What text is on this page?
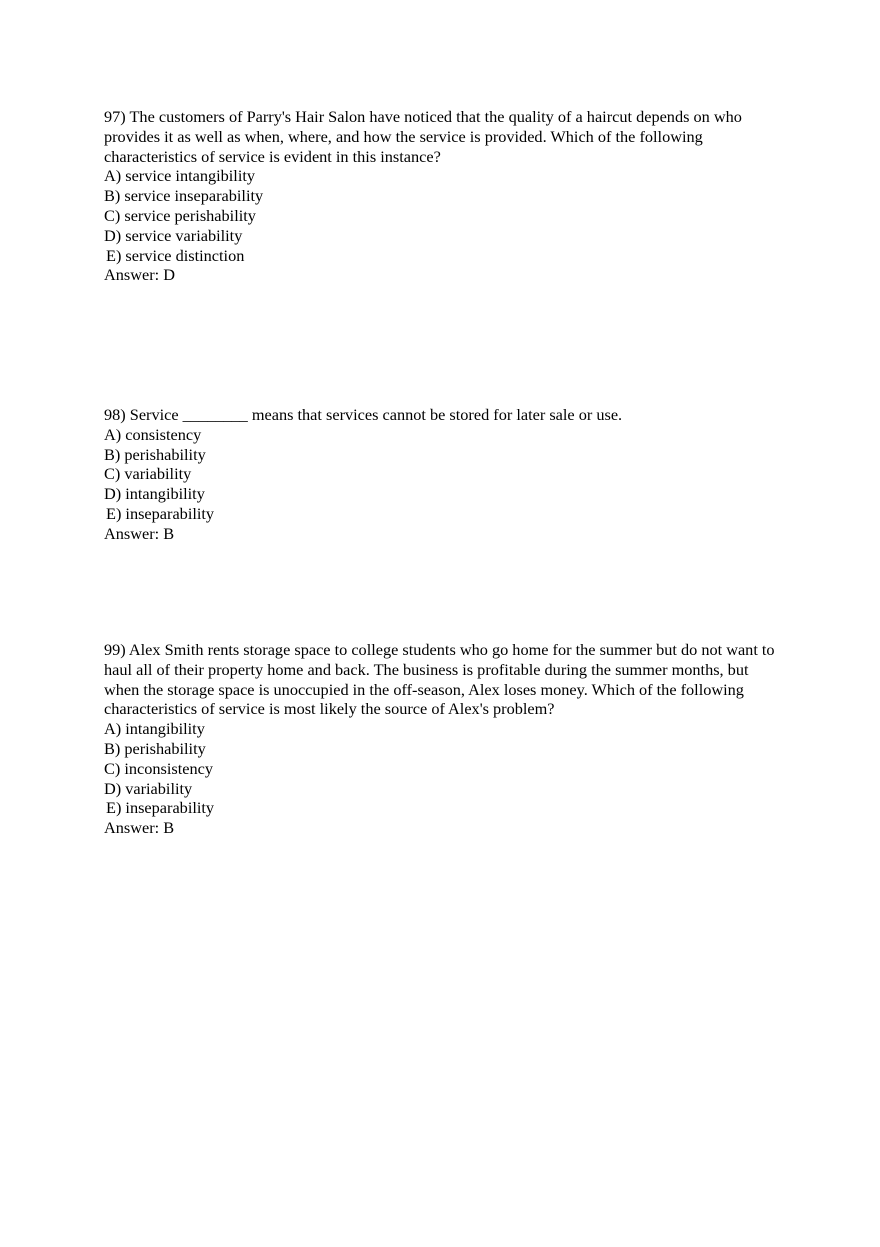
97) The customers of Parry's Hair Salon have noticed that the quality of a haircut depends on who provides it as well as when, where, and how the service is provided. Which of the following characteristics of service is evident in this instance?

A) service intangibility
B) service inseparability
C) service perishability
D) service variability
E) service distinction

Answer: D

98) Service ________ means that services cannot be stored for later sale or use.

A) consistency
B) perishability
C) variability
D) intangibility
E) inseparability

Answer: B

99) Alex Smith rents storage space to college students who go home for the summer but do not want to haul all of their property home and back. The business is profitable during the summer months, but when the storage space is unoccupied in the off-season, Alex loses money. Which of the following characteristics of service is most likely the source of Alex's problem?

A) intangibility
B) perishability
C) inconsistency
D) variability
E) inseparability

Answer: B
